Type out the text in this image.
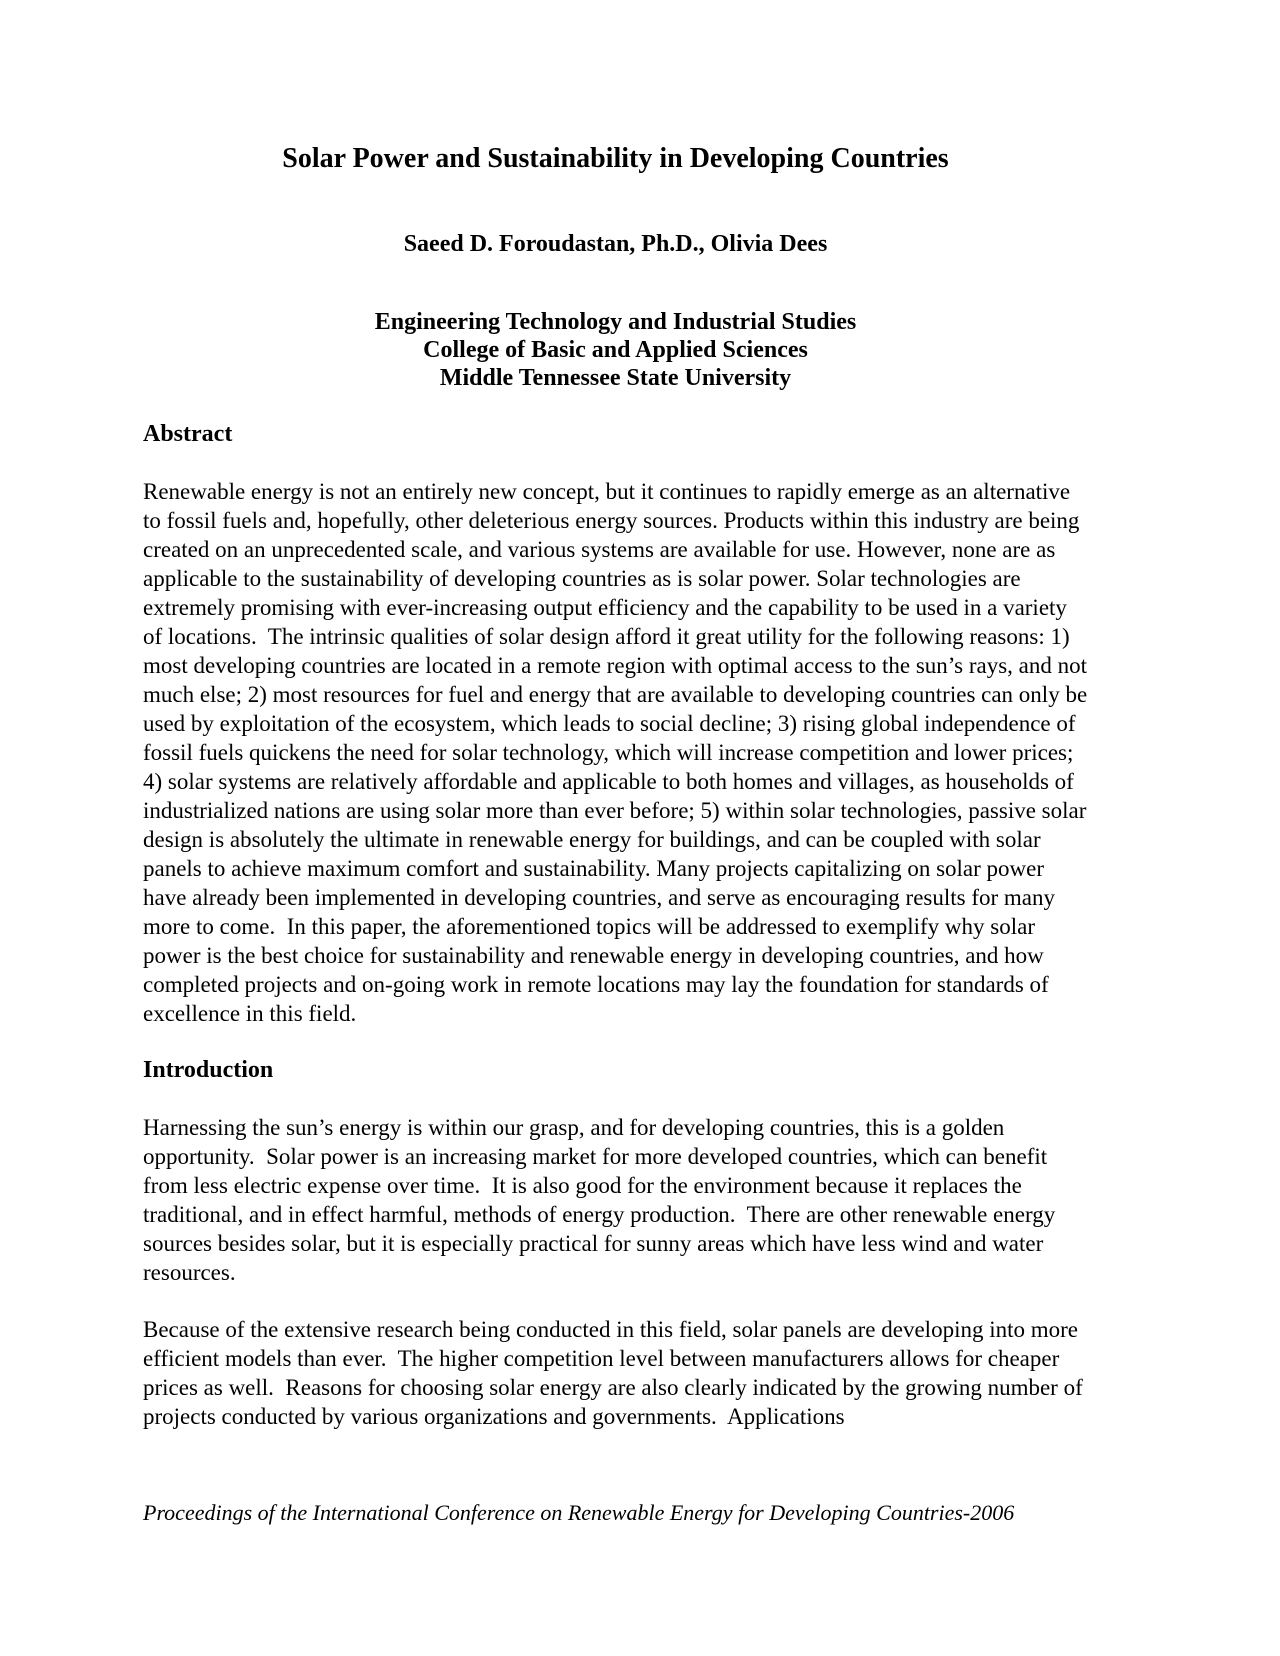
Solar Power and Sustainability in Developing Countries

Saeed D. Foroudastan, Ph.D., Olivia Dees

Engineering Technology and Industrial Studies
College of Basic and Applied Sciences
Middle Tennessee State University
Abstract

Renewable energy is not an entirely new concept, but it continues to rapidly emerge as an alternative to fossil fuels and, hopefully, other deleterious energy sources. Products within this industry are being created on an unprecedented scale, and various systems are available for use. However, none are as applicable to the sustainability of developing countries as is solar power. Solar technologies are extremely promising with ever-increasing output efficiency and the capability to be used in a variety of locations.  The intrinsic qualities of solar design afford it great utility for the following reasons: 1) most developing countries are located in a remote region with optimal access to the sun’s rays, and not much else; 2) most resources for fuel and energy that are available to developing countries can only be used by exploitation of the ecosystem, which leads to social decline; 3) rising global independence of fossil fuels quickens the need for solar technology, which will increase competition and lower prices; 4) solar systems are relatively affordable and applicable to both homes and villages, as households of industrialized nations are using solar more than ever before; 5) within solar technologies, passive solar design is absolutely the ultimate in renewable energy for buildings, and can be coupled with solar panels to achieve maximum comfort and sustainability. Many projects capitalizing on solar power have already been implemented in developing countries, and serve as encouraging results for many more to come.  In this paper, the aforementioned topics will be addressed to exemplify why solar power is the best choice for sustainability and renewable energy in developing countries, and how completed projects and on-going work in remote locations may lay the foundation for standards of excellence in this field.

Introduction

Harnessing the sun’s energy is within our grasp, and for developing countries, this is a golden opportunity.  Solar power is an increasing market for more developed countries, which can benefit from less electric expense over time.  It is also good for the environment because it replaces the traditional, and in effect harmful, methods of energy production.  There are other renewable energy sources besides solar, but it is especially practical for sunny areas which have less wind and water resources.

Because of the extensive research being conducted in this field, solar panels are developing into more efficient models than ever.  The higher competition level between manufacturers allows for cheaper prices as well.  Reasons for choosing solar energy are also clearly indicated by the growing number of projects conducted by various organizations and governments.  Applications

Proceedings of the International Conference on Renewable Energy for Developing Countries-2006
